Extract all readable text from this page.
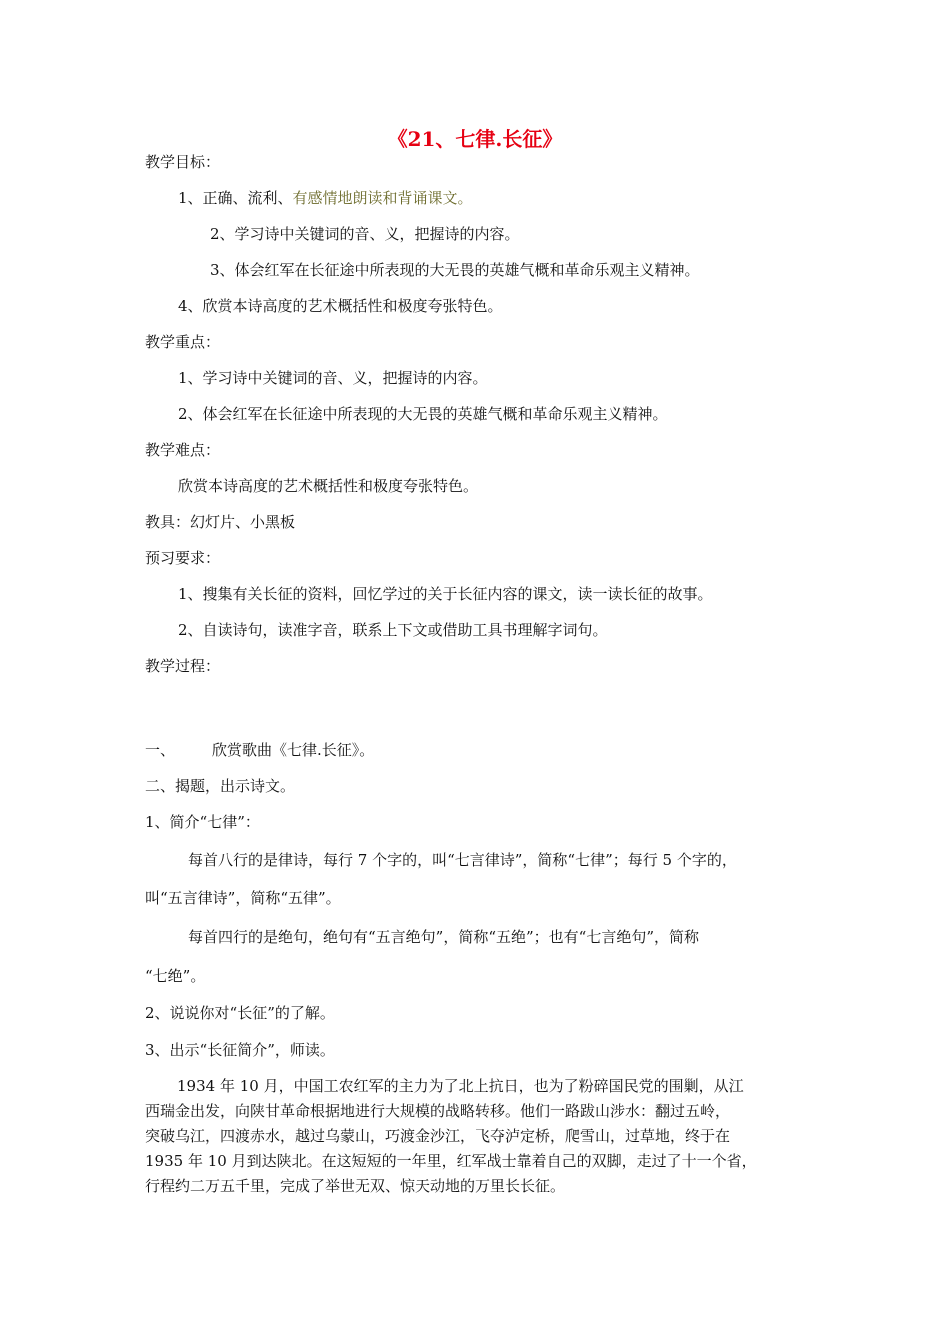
《21、七律.长征》
教学目标：
1、正确、流利、有感情地朗读和背诵课文。
2、学习诗中关键词的音、义，把握诗的内容。
3、体会红军在长征途中所表现的大无畏的英雄气概和革命乐观主义精神。
4、欣赏本诗高度的艺术概括性和极度夸张特色。
教学重点：
1、学习诗中关键词的音、义，把握诗的内容。
2、体会红军在长征途中所表现的大无畏的英雄气概和革命乐观主义精神。
教学难点：
欣赏本诗高度的艺术概括性和极度夸张特色。
教具：幻灯片、小黑板
预习要求：
1、搜集有关长征的资料，回忆学过的关于长征内容的课文，读一读长征的故事。
2、自读诗句，读准字音，联系上下文或借助工具书理解字词句。
教学过程：
一、 欣赏歌曲《七律.长征》。
二、揭题，出示诗文。
1、简介“七律”：
每首八行的是律诗，每行 7 个字的，叫“七言律诗”，简称“七律”；每行 5 个字的，
叫“五言律诗”，简称“五律”。
每首四行的是绝句，绝句有“五言绝句”，简称“五绝”；也有“七言绝句”，简称
“七绝”。
2、说说你对“长征”的了解。
3、出示“长征简介”，师读。
1934 年 10 月，中国工农红军的主力为了北上抗日，也为了粉碎国民党的围剿，从江
西瑞金出发，向陕甘革命根据地进行大规模的战略转移。他们一路跋山涉水：翻过五岭，
突破乌江，四渡赤水，越过乌蒙山，巧渡金沙江，飞夺泸定桥，爬雪山，过草地，终于在
1935 年 10 月到达陕北。在这短短的一年里，红军战士靠着自己的双脚，走过了十一个省，
行程约二万五千里，完成了举世无双、惊天动地的万里长长征。
